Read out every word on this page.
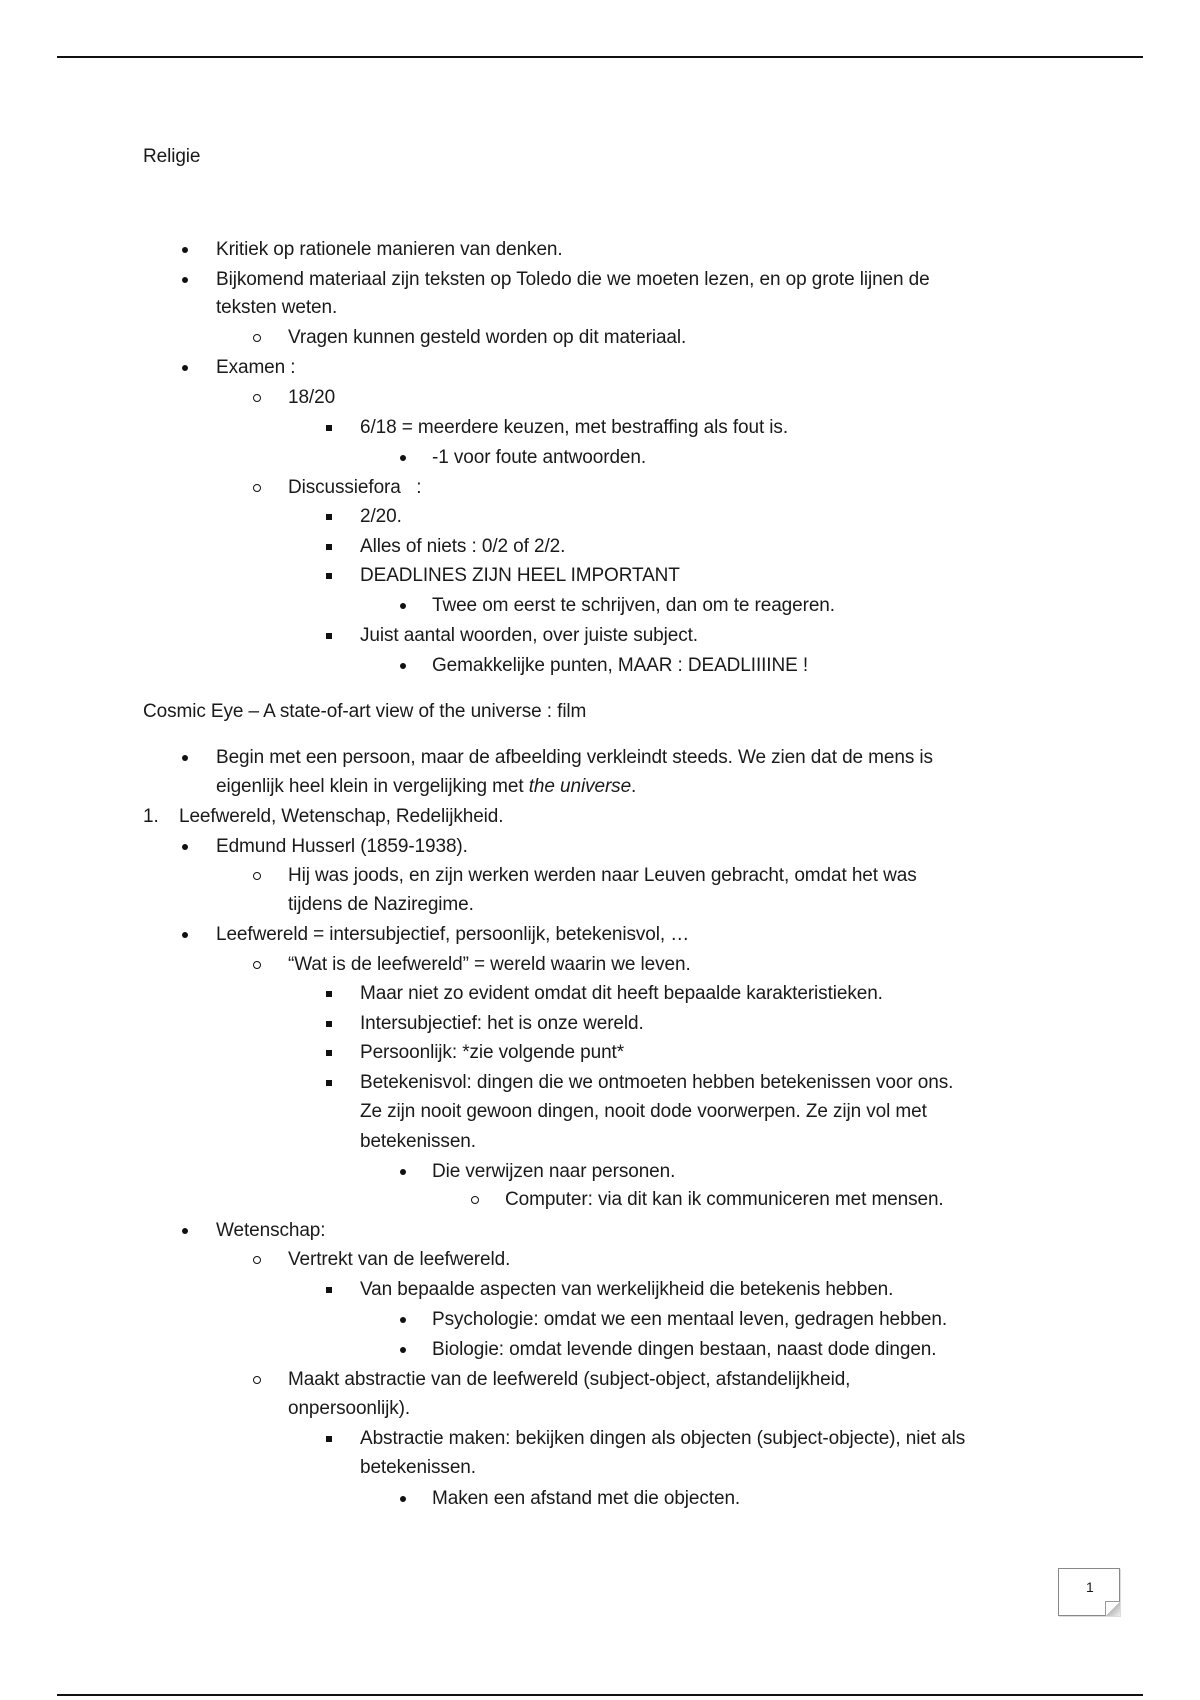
Religie
Kritiek op rationele manieren van denken.
Bijkomend materiaal zijn teksten op Toledo die we moeten lezen, en op grote lijnen de
teksten weten.
Vragen kunnen gesteld worden op dit materiaal.
Examen :
18/20
6/18 = meerdere keuzen, met bestraffing als fout is.
-1 voor foute antwoorden.
Discussiefora   :
2/20.
Alles of niets : 0/2 of 2/2.
DEADLINES ZIJN HEEL IMPORTANT
Twee om eerst te schrijven, dan om te reageren.
Juist aantal woorden, over juiste subject.
Gemakkelijke punten, MAAR : DEADLIIIINE !
Cosmic Eye – A state-of-art view of the universe : film
Begin met een persoon, maar de afbeelding verkleindt steeds. We zien dat de mens is
eigenlijk heel klein in vergelijking met the universe.
1. Leefwereld, Wetenschap, Redelijkheid.
Edmund Husserl (1859-1938).
Hij was joods, en zijn werken werden naar Leuven gebracht, omdat het was
tijdens de Naziregime.
Leefwereld = intersubjectief, persoonlijk, betekenisvol, …
“Wat is de leefwereld” = wereld waarin we leven.
Maar niet zo evident omdat dit heeft bepaalde karakteristieken.
Intersubjectief: het is onze wereld.
Persoonlijk: *zie volgende punt*
Betekenisvol: dingen die we ontmoeten hebben betekenissen voor ons.
Ze zijn nooit gewoon dingen, nooit dode voorwerpen. Ze zijn vol met
betekenissen.
Die verwijzen naar personen.
Computer: via dit kan ik communiceren met mensen.
Wetenschap:
Vertrekt van de leefwereld.
Van bepaalde aspecten van werkelijkheid die betekenis hebben.
Psychologie: omdat we een mentaal leven, gedragen hebben.
Biologie: omdat levende dingen bestaan, naast dode dingen.
Maakt abstractie van de leefwereld (subject-object, afstandelijkheid,
onpersoonlijk).
Abstractie maken: bekijken dingen als objecten (subject-objecte), niet als
betekenissen.
Maken een afstand met die objecten.
1
